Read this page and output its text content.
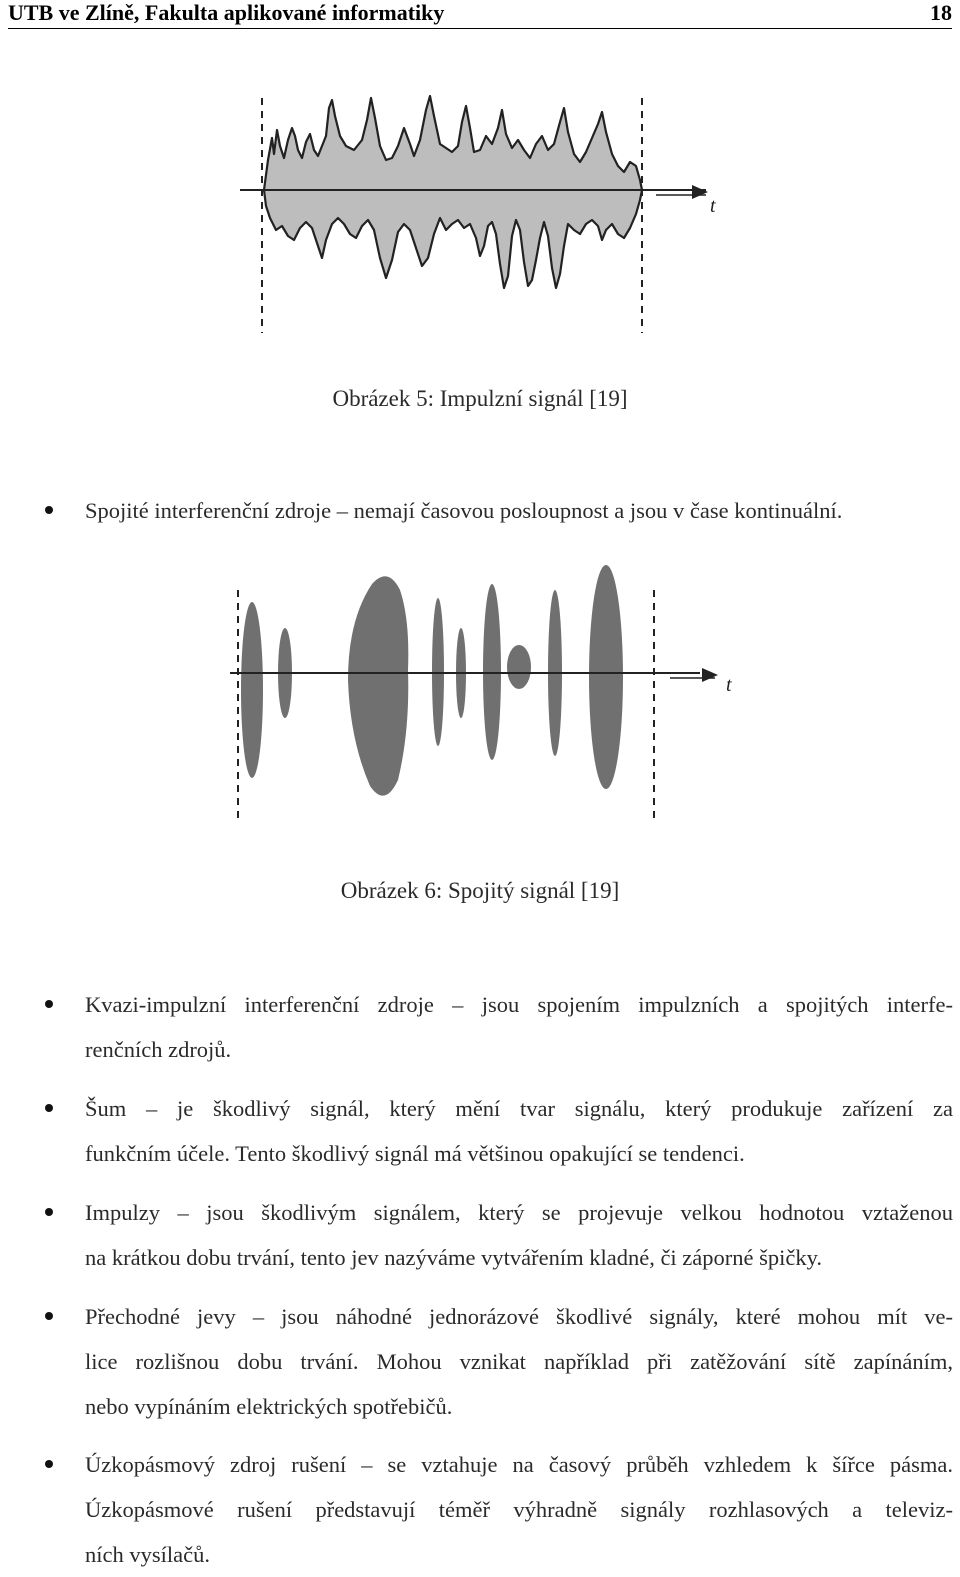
UTB ve Zlíně, Fakulta aplikované informatiky	18
t
Obrázek 5: Impulzní signál [19]
Spojité interferenční zdroje – nemají časovou posloupnost a jsou v čase kontinuální.
t
Obrázek 6: Spojitý signál [19]
Kvazi-impulzní interferenční zdroje – jsou spojením impulzních a spojitých interfe-
renčních zdrojů.
Šum – je škodlivý signál, který mění tvar signálu, který produkuje zařízení za
funkčním účele. Tento škodlivý signál má většinou opakující se tendenci.
Impulzy – jsou škodlivým signálem, který se projevuje velkou hodnotou vztaženou
na krátkou dobu trvání, tento jev nazýváme vytvářením kladné, či záporné špičky.
Přechodné jevy – jsou náhodné jednorázové škodlivé signály, které mohou mít ve-
lice rozlišnou dobu trvání. Mohou vznikat například při zatěžování sítě zapínáním,
nebo vypínáním elektrických spotřebičů.
Úzkopásmový zdroj rušení – se vztahuje na časový průběh vzhledem k šířce pásma.
Úzkopásmové rušení představují téměř výhradně signály rozhlasových a televiz-
ních vysílačů.
